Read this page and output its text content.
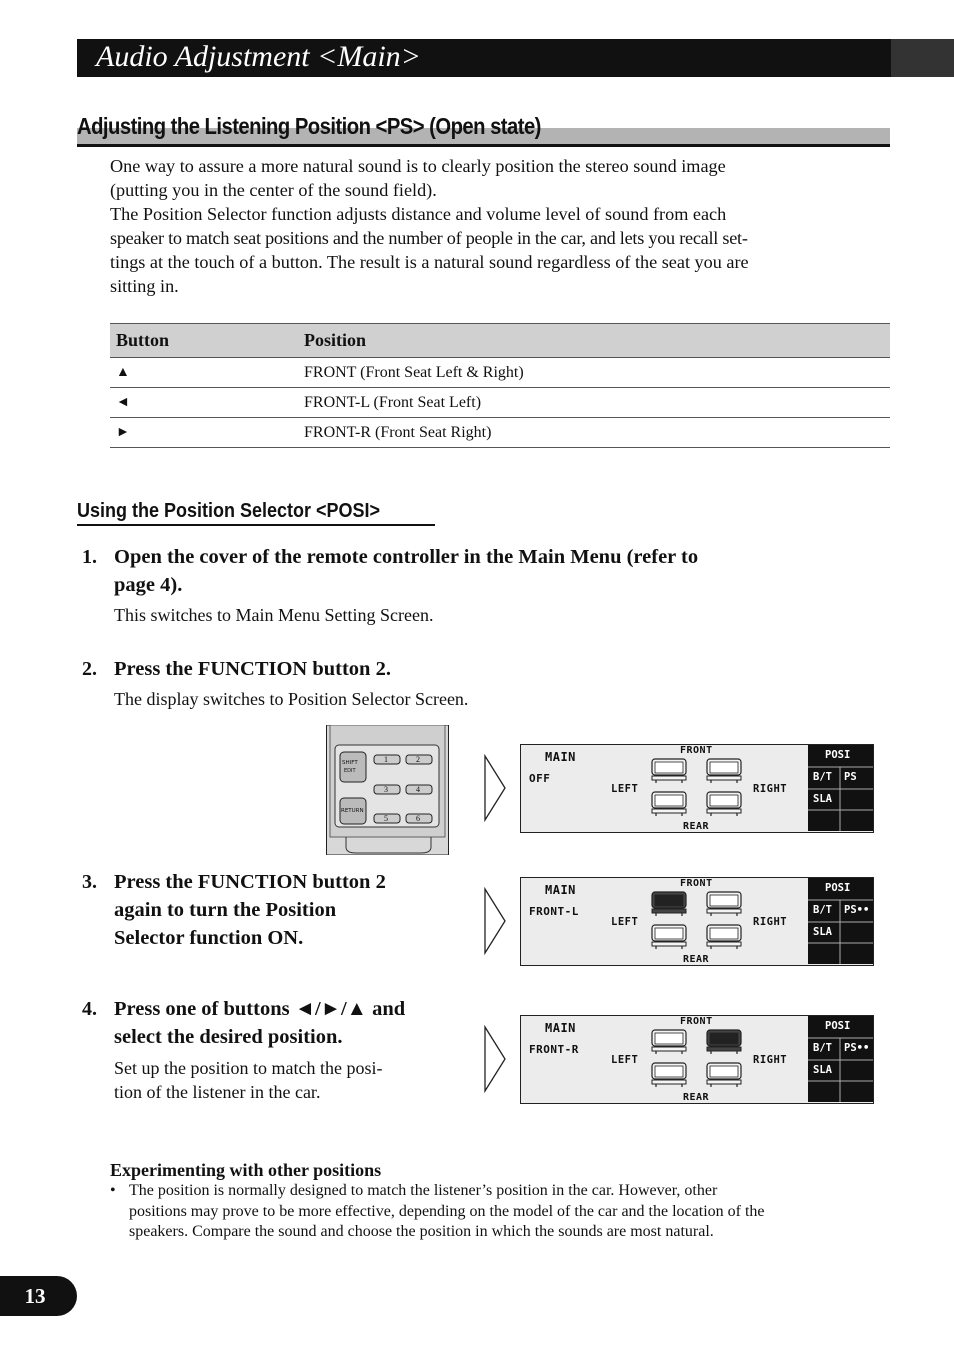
Audio Adjustment <Main>
Adjusting the Listening Position <PS> (Open state)

One way to assure a more natural sound is to clearly position the stereo sound image

(putting you in the center of the sound field).

The Position Selector function adjusts distance and volume level of sound from each

speaker to match seat positions and the number of people in the car, and lets you recall set-

tings at the touch of a button. The result is a natural sound regardless of the seat you are

sitting in.

Button	Position
▲	FRONT (Front Seat Left & Right)
◄	FRONT-L (Front Seat Left)
►	FRONT-R (Front Seat Right)
Using the Position Selector <POSI>
1. Open the cover of the remote controller in the Main Menu (refer to
page 4).
This switches to Main Menu Setting Screen.
2. Press the FUNCTION button 2.
The display switches to Position Selector Screen.
SHIFT
EDIT
RETURN
1	2
3	4
5	6
3. Press the FUNCTION button 2
again to turn the Position
Selector function ON.
4. Press one of buttons ◄/►/▲ and
select the desired position.
Set up the position to match the posi-
tion of the listener in the car.
MAIN
OFF
FRONT
REAR
LEFT	RIGHT
POSI
B/T PS
SLA
MAIN
FRONT-L
FRONT
REAR
LEFT	RIGHT
POSI
B/T PS••
SLA
MAIN
FRONT-R
FRONT
REAR
LEFT	RIGHT
POSI
B/T PS••
SLA
Experimenting with other positions
• The position is normally designed to match the listener’s position in the car. However, other
positions may prove to be more effective, depending on the model of the car and the location of the
speakers. Compare the sound and choose the position in which the sounds are most natural.
13
